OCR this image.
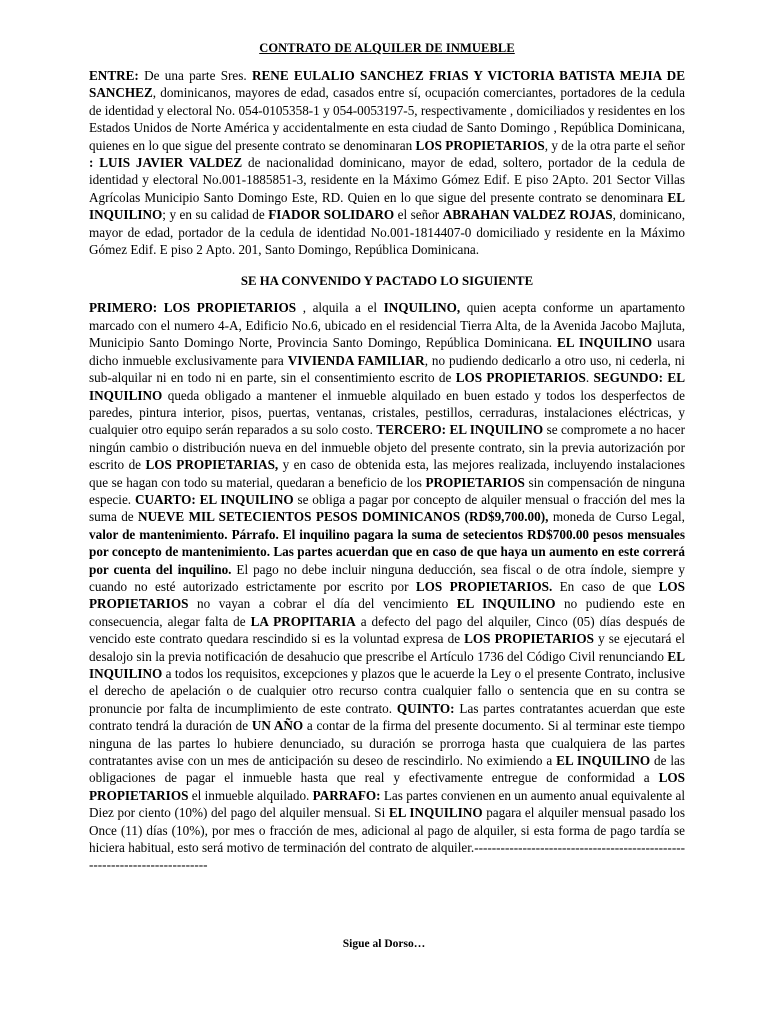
CONTRATO DE ALQUILER DE INMUEBLE

ENTRE: De una parte Sres. RENE EULALIO SANCHEZ FRIAS Y VICTORIA BATISTA MEJIA DE SANCHEZ, dominicanos, mayores de edad, casados entre sí, ocupación comerciantes, portadores de la cedula de identidad y electoral No. 054-0105358-1 y 054-0053197-5, respectivamente , domiciliados y residentes en los Estados Unidos de Norte América y accidentalmente en esta ciudad de Santo Domingo , República Dominicana, quienes en lo que sigue del presente contrato se denominaran LOS PROPIETARIOS, y de la otra parte el señor : LUIS JAVIER VALDEZ de nacionalidad dominicano, mayor de edad, soltero, portador de la cedula de identidad y electoral No.001-1885851-3, residente en la Máximo Gómez Edif. E piso 2Apto. 201 Sector Villas Agrícolas Municipio Santo Domingo Este, RD. Quien en lo que sigue del presente contrato se denominara EL INQUILINO; y en su calidad de FIADOR SOLIDARO el señor ABRAHAN VALDEZ ROJAS, dominicano, mayor de edad, portador de la cedula de identidad No.001-1814407-0 domiciliado y residente en la Máximo Gómez Edif. E piso 2 Apto. 201, Santo Domingo, República Dominicana.

SE HA CONVENIDO Y PACTADO LO SIGUIENTE

PRIMERO: LOS PROPIETARIOS , alquila a el INQUILINO, quien acepta conforme un apartamento marcado con el numero 4-A, Edificio No.6, ubicado en el residencial Tierra Alta, de la Avenida Jacobo Majluta, Municipio Santo Domingo Norte, Provincia Santo Domingo, República Dominicana. EL INQUILINO usara dicho inmueble exclusivamente para VIVIENDA FAMILIAR, no pudiendo dedicarlo a otro uso, ni cederla, ni sub-alquilar ni en todo ni en parte, sin el consentimiento escrito de LOS PROPIETARIOS. SEGUNDO: EL INQUILINO queda obligado a mantener el inmueble alquilado en buen estado y todos los desperfectos de paredes, pintura interior, pisos, puertas, ventanas, cristales, pestillos, cerraduras, instalaciones eléctricas, y cualquier otro equipo serán reparados a su solo costo. TERCERO: EL INQUILINO se compromete a no hacer ningún cambio o distribución nueva en del inmueble objeto del presente contrato, sin la previa autorización por escrito de LOS PROPIETARIAS, y en caso de obtenida esta, las mejores realizada, incluyendo instalaciones que se hagan con todo su material, quedaran a beneficio de los PROPIETARIOS sin compensación de ninguna especie. CUARTO: EL INQUILINO se obliga a pagar por concepto de alquiler mensual o fracción del mes la suma de NUEVE MIL SETECIENTOS PESOS DOMINICANOS (RD$9,700.00), moneda de Curso Legal, valor de mantenimiento. Párrafo. El inquilino pagara la suma de setecientos RD$700.00 pesos mensuales por concepto de mantenimiento. Las partes acuerdan que en caso de que haya un aumento en este correrá por cuenta del inquilino. El pago no debe incluir ninguna deducción, sea fiscal o de otra índole, siempre y cuando no esté autorizado estrictamente por escrito por LOS PROPIETARIOS. En caso de que LOS PROPIETARIOS no vayan a cobrar el día del vencimiento EL INQUILINO no pudiendo este en consecuencia, alegar falta de LA PROPITARIA a defecto del pago del alquiler, Cinco (05) días después de vencido este contrato quedara rescindido si es la voluntad expresa de LOS PROPIETARIOS y se ejecutará el desalojo sin la previa notificación de desahucio que prescribe el Artículo 1736 del Código Civil renunciando EL INQUILINO a todos los requisitos, excepciones y plazos que le acuerde la Ley o el presente Contrato, inclusive el derecho de apelación o de cualquier otro recurso contra cualquier fallo o sentencia que en su contra se pronuncie por falta de incumplimiento de este contrato. QUINTO: Las partes contratantes acuerdan que este contrato tendrá la duración de UN AÑO a contar de la firma del presente documento. Si al terminar este tiempo ninguna de las partes lo hubiere denunciado, su duración se prorroga hasta que cualquiera de las partes contratantes avise con un mes de anticipación su deseo de rescindirlo. No eximiendo a EL INQUILINO de las obligaciones de pagar el inmueble hasta que real y efectivamente entregue de conformidad a LOS PROPIETARIOS el inmueble alquilado. PARRAFO: Las partes convienen en un aumento anual equivalente al Diez por ciento (10%) del pago del alquiler mensual. Si EL INQUILINO pagara el alquiler mensual pasado los Once (11) días (10%), por mes o fracción de mes, adicional al pago de alquiler, si esta forma de pago tardía se hiciera habitual, esto será motivo de terminación del contrato de alquiler.---------------------------------------------------------------------------

Sigue al Dorso…
